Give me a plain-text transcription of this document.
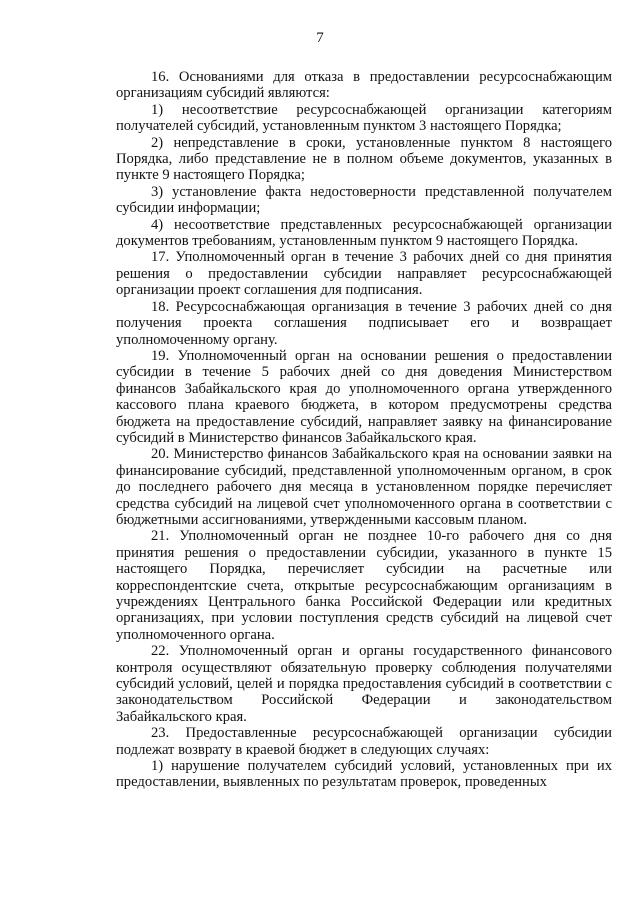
7

16. Основаниями для отказа в предоставлении ресурсоснабжающим организациям субсидий являются:

1) несоответствие ресурсоснабжающей организации категориям получателей субсидий, установленным пунктом 3 настоящего Порядка;

2) непредставление в сроки, установленные пунктом 8 настоящего Порядка, либо представление не в полном объеме документов, указанных в пункте 9 настоящего Порядка;

3) установление факта недостоверности представленной получателем субсидии информации;

4) несоответствие представленных ресурсоснабжающей организации документов требованиям, установленным пунктом 9 настоящего Порядка.

17. Уполномоченный орган в течение 3 рабочих дней со дня принятия решения о предоставлении субсидии направляет ресурсоснабжающей организации проект соглашения для подписания.

18. Ресурсоснабжающая организация в течение 3 рабочих дней со дня получения проекта соглашения подписывает его и возвращает уполномоченному органу.

19. Уполномоченный орган на основании решения о предоставлении субсидии в течение 5 рабочих дней со дня доведения Министерством финансов Забайкальского края до уполномоченного органа утвержденного кассового плана краевого бюджета, в котором предусмотрены средства бюджета на предоставление субсидий, направляет заявку на финансирование субсидий в Министерство финансов Забайкальского края.

20. Министерство финансов Забайкальского края на основании заявки на финансирование субсидий, представленной уполномоченным органом, в срок до последнего рабочего дня месяца в установленном порядке перечисляет средства субсидий на лицевой счет уполномоченного органа в соответствии с бюджетными ассигнованиями, утвержденными кассовым планом.

21. Уполномоченный орган не позднее 10-го рабочего дня со дня принятия решения о предоставлении субсидии, указанного в пункте 15 настоящего Порядка, перечисляет субсидии на расчетные или корреспондентские счета, открытые ресурсоснабжающим организациям в учреждениях Центрального банка Российской Федерации или кредитных организациях, при условии поступления средств субсидий на лицевой счет уполномоченного органа.

22. Уполномоченный орган и органы государственного финансового контроля осуществляют обязательную проверку соблюдения получателями субсидий условий, целей и порядка предоставления субсидий в соответствии с законодательством Российской Федерации и законодательством Забайкальского края.

23. Предоставленные ресурсоснабжающей организации субсидии подлежат возврату в краевой бюджет в следующих случаях:

1) нарушение получателем субсидий условий, установленных при их предоставлении, выявленных по результатам проверок, проведенных
